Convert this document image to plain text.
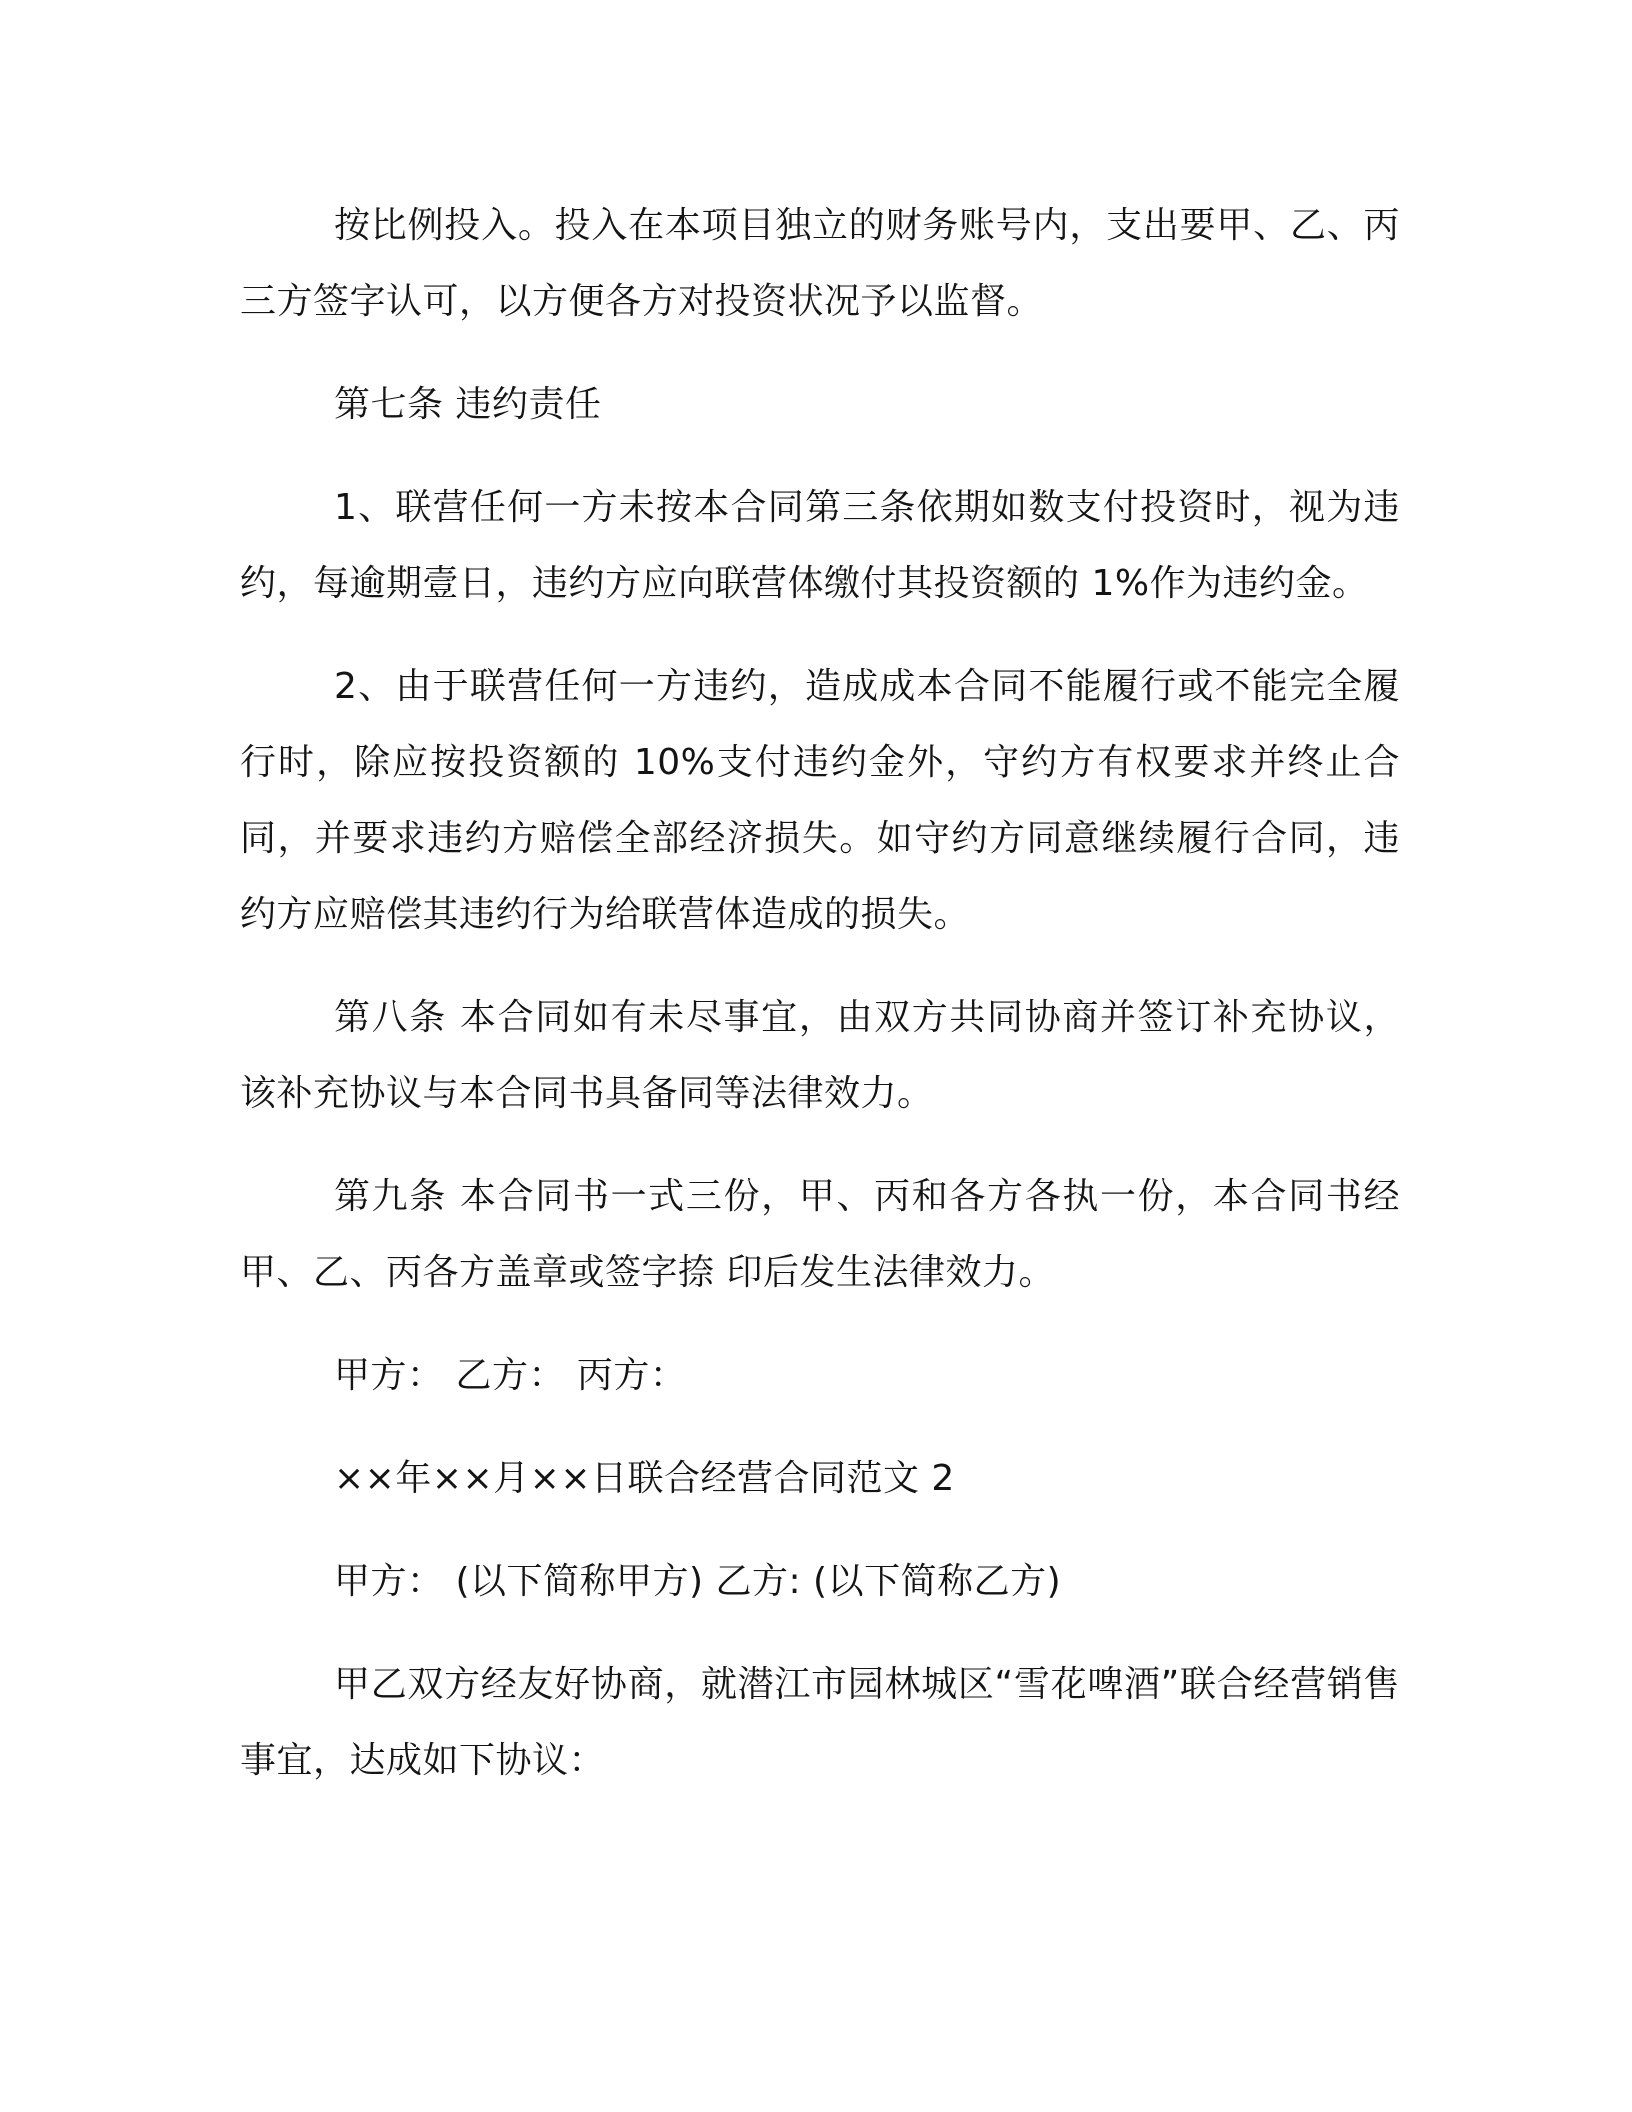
按比例投入。投入在本项目独立的财务账号内，支出要甲、乙、丙三方签字认可，以方便各方对投资状况予以监督。

第七条 违约责任

1、联营任何一方未按本合同第三条依期如数支付投资时，视为违约，每逾期壹日，违约方应向联营体缴付其投资额的 1%作为违约金。

2、由于联营任何一方违约，造成成本合同不能履行或不能完全履行时，除应按投资额的 10%支付违约金外，守约方有权要求并终止合同，并要求违约方赔偿全部经济损失。如守约方同意继续履行合同，违约方应赔偿其违约行为给联营体造成的损失。

第八条 本合同如有未尽事宜，由双方共同协商并签订补充协议，该补充协议与本合同书具备同等法律效力。

第九条 本合同书一式三份，甲、丙和各方各执一份，本合同书经甲、乙、丙各方盖章或签字捺 印后发生法律效力。

甲方： 乙方： 丙方：

××年××月××日联合经营合同范文 2

甲方： (以下简称甲方) 乙方: (以下简称乙方)

甲乙双方经友好协商，就潜江市园林城区“雪花啤酒”联合经营销售事宜，达成如下协议：
